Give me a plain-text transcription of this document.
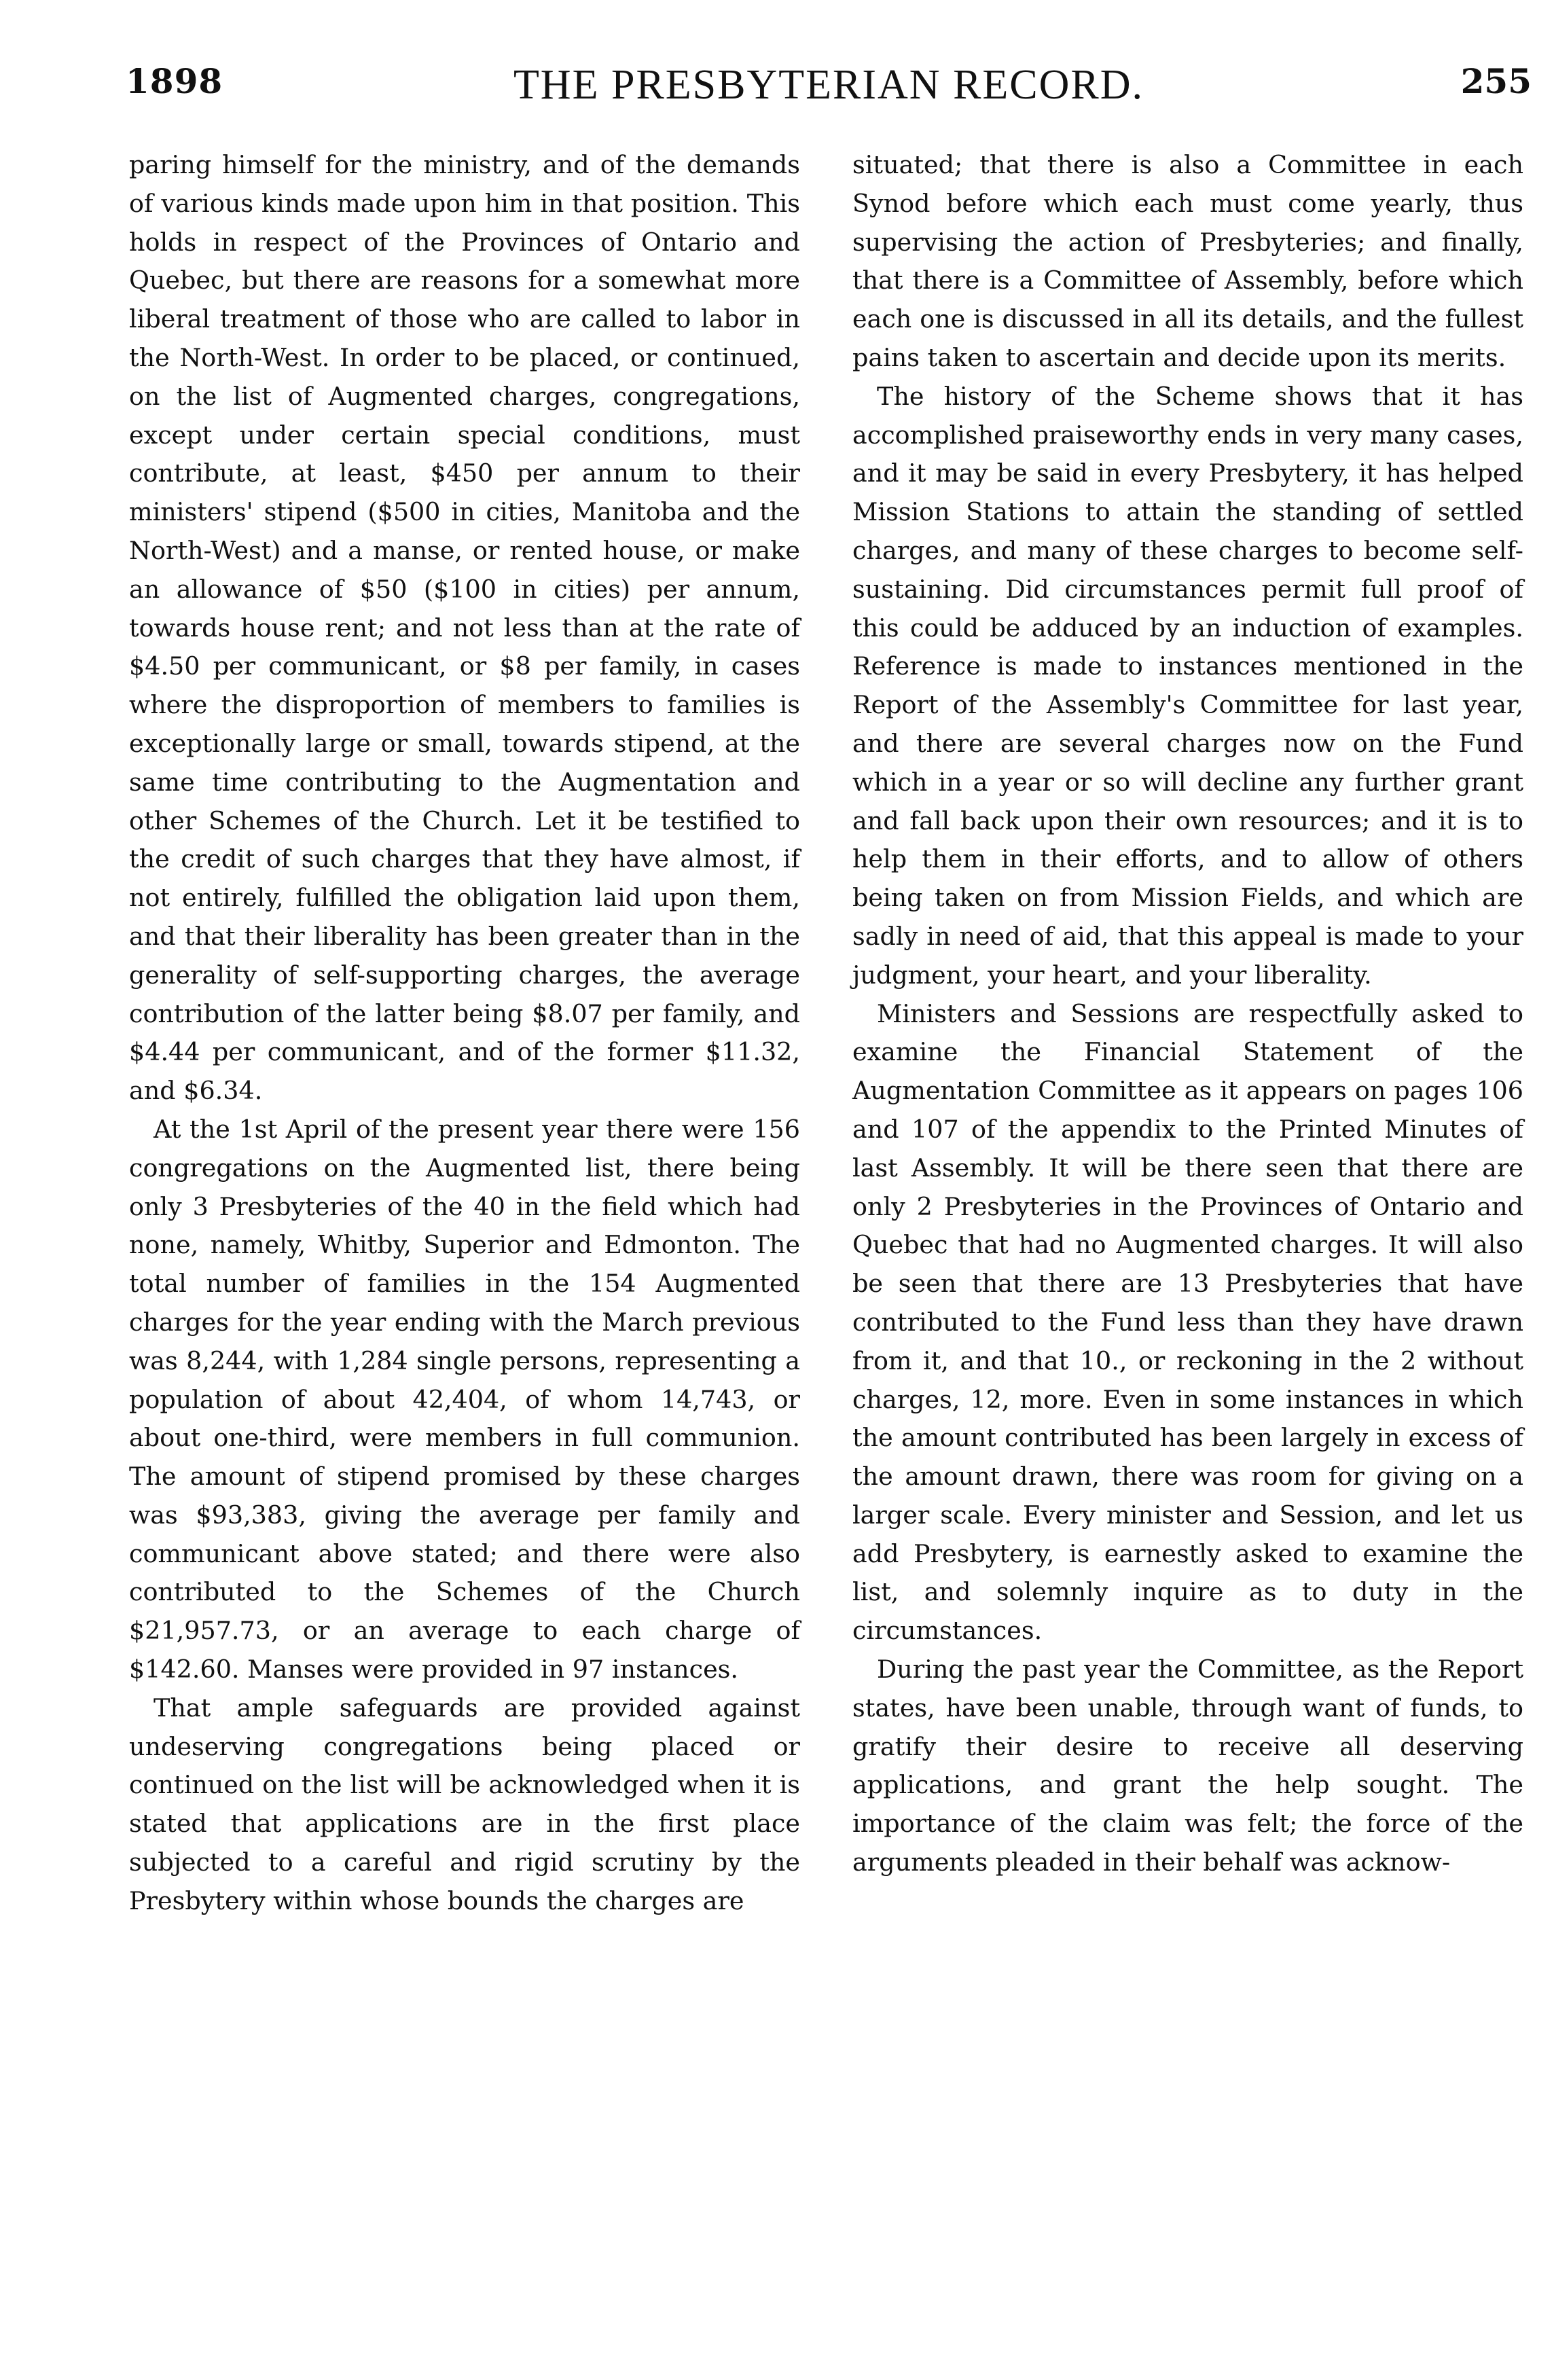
1898	THE PRESBYTERIAN RECORD.	255

paring himself for the ministry, and of the demands of various kinds made upon him in that position. This holds in respect of the Provinces of Ontario and Quebec, but there are reasons for a somewhat more liberal treatment of those who are called to labor in the North-West. In order to be placed, or continued, on the list of Augmented charges, congregations, except under certain special conditions, must contribute, at least, $450 per annum to their ministers' stipend ($500 in cities, Manitoba and the North-West) and a manse, or rented house, or make an allowance of $50 ($100 in cities) per annum, towards house rent; and not less than at the rate of $4.50 per communicant, or $8 per family, in cases where the disproportion of members to families is exceptionally large or small, towards stipend, at the same time contributing to the Augmentation and other Schemes of the Church. Let it be testified to the credit of such charges that they have almost, if not entirely, fulfilled the obligation laid upon them, and that their liberality has been greater than in the generality of self-supporting charges, the average contribution of the latter being $8.07 per family, and $4.44 per communicant, and of the former $11.32, and $6.34.

At the 1st April of the present year there were 156 congregations on the Augmented list, there being only 3 Presbyteries of the 40 in the field which had none, namely, Whitby, Superior and Edmonton. The total number of families in the 154 Augmented charges for the year ending with the March previous was 8,244, with 1,284 single persons, representing a population of about 42,404, of whom 14,743, or about one-third, were members in full communion. The amount of stipend promised by these charges was $93,383, giving the average per family and communicant above stated; and there were also contributed to the Schemes of the Church $21,957.73, or an average to each charge of $142.60. Manses were provided in 97 instances.

That ample safeguards are provided against undeserving congregations being placed or continued on the list will be acknowledged when it is stated that applications are in the first place subjected to a careful and rigid scrutiny by the Presbytery within whose bounds the charges are

situated; that there is also a Committee in each Synod before which each must come yearly, thus supervising the action of Presbyteries; and finally, that there is a Committee of Assembly, before which each one is discussed in all its details, and the fullest pains taken to ascertain and decide upon its merits.

The history of the Scheme shows that it has accomplished praiseworthy ends in very many cases, and it may be said in every Presbytery, it has helped Mission Stations to attain the standing of settled charges, and many of these charges to become self-sustaining. Did circumstances permit full proof of this could be adduced by an induction of examples. Reference is made to instances mentioned in the Report of the Assembly's Committee for last year, and there are several charges now on the Fund which in a year or so will decline any further grant and fall back upon their own resources; and it is to help them in their efforts, and to allow of others being taken on from Mission Fields, and which are sadly in need of aid, that this appeal is made to your judgment, your heart, and your liberality.

Ministers and Sessions are respectfully asked to examine the Financial Statement of the Augmentation Committee as it appears on pages 106 and 107 of the appendix to the Printed Minutes of last Assembly. It will be there seen that there are only 2 Presbyteries in the Provinces of Ontario and Quebec that had no Augmented charges. It will also be seen that there are 13 Presbyteries that have contributed to the Fund less than they have drawn from it, and that 10., or reckoning in the 2 without charges, 12, more. Even in some instances in which the amount contributed has been largely in excess of the amount drawn, there was room for giving on a larger scale. Every minister and Session, and let us add Presbytery, is earnestly asked to examine the list, and solemnly inquire as to duty in the circumstances.

During the past year the Committee, as the Report states, have been unable, through want of funds, to gratify their desire to receive all deserving applications, and grant the help sought. The importance of the claim was felt; the force of the arguments pleaded in their behalf was acknow-
